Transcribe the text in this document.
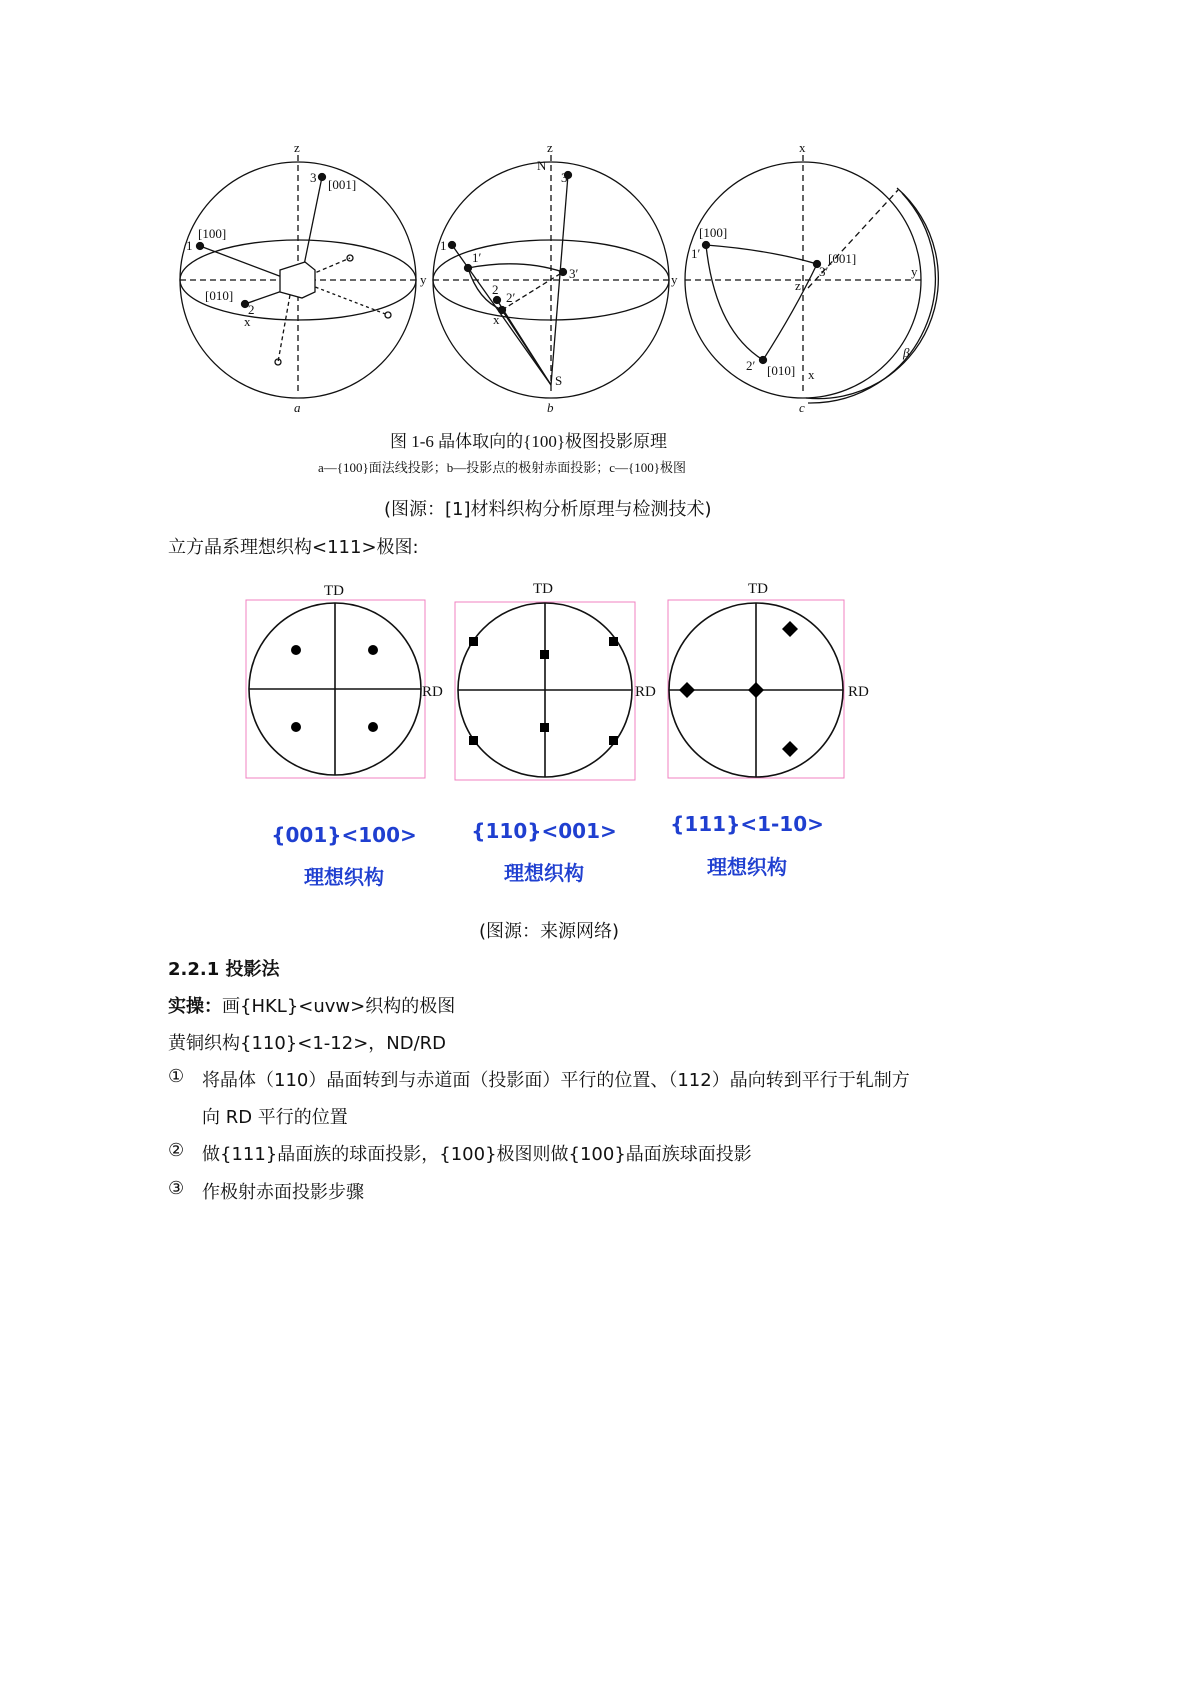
z
y
x
[100]
[001]
[010]
1
2
3
a
z
N
S
y
x
1
1′
2
2′
3
3′
b
x
x
y
z
[100]
[001]
[010]
1′
2′
3′
β
c
图 1-6 晶体取向的{100}极图投影原理
a—{100}面法线投影；b—投影点的极射赤面投影；c—{100}极图
(图源：[1]材料织构分析原理与检测技术)
立方晶系理想织构<111>极图:
TD
RD
TD
RD
TD
RD
{001}<100>
理想织构
{110}<001>
理想织构
{111}<1-10>
理想织构
(图源：来源网络)
2.2.1 投影法
实操：画{HKL}<uvw>织构的极图
黄铜织构{110}<1-12>，ND/RD
① 将晶体（110）晶面转到与赤道面（投影面）平行的位置、（112）晶向转到平行于轧制方
向 RD 平行的位置
② 做{111}晶面族的球面投影，{100}极图则做{100}晶面族球面投影
③ 作极射赤面投影步骤
